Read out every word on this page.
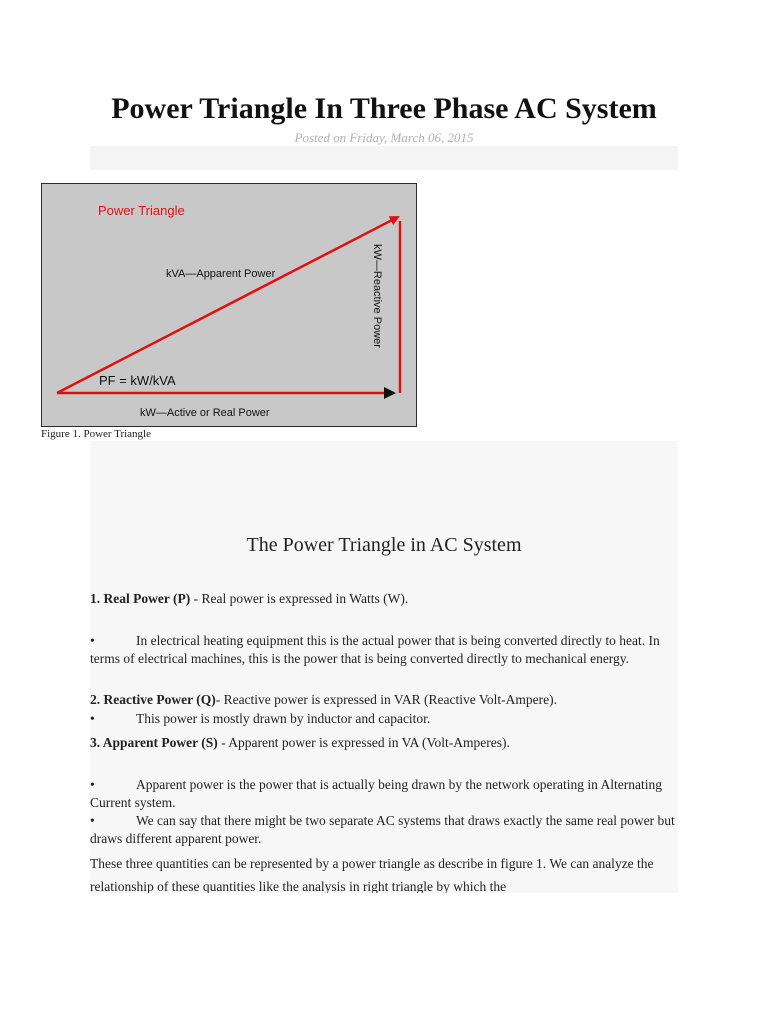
Power Triangle In Three Phase AC System
Posted on Friday, March 06, 2015
Power Triangle
kVA—Apparent Power	kW—Reactive Power
PF = kW/kVA
kW—Active or Real Power
Figure 1. Power Triangle
The Power Triangle in AC System
1. Real Power (P) - Real power is expressed in Watts (W).
•	In electrical heating equipment this is the actual power that is being converted directly to heat. In terms of electrical machines, this is the power that is being converted directly to mechanical energy.
2. Reactive Power (Q)- Reactive power is expressed in VAR (Reactive Volt-Ampere).
•	This power is mostly drawn by inductor and capacitor.
3. Apparent Power (S) - Apparent power is expressed in VA (Volt-Amperes).
•	Apparent power is the power that is actually being drawn by the network operating in Alternating Current system.
•	We can say that there might be two separate AC systems that draws exactly the same real power but draws different apparent power.
These three quantities can be represented by a power triangle as describe in figure 1. We can analyze the relationship of these quantities like the analysis in right triangle by which the
